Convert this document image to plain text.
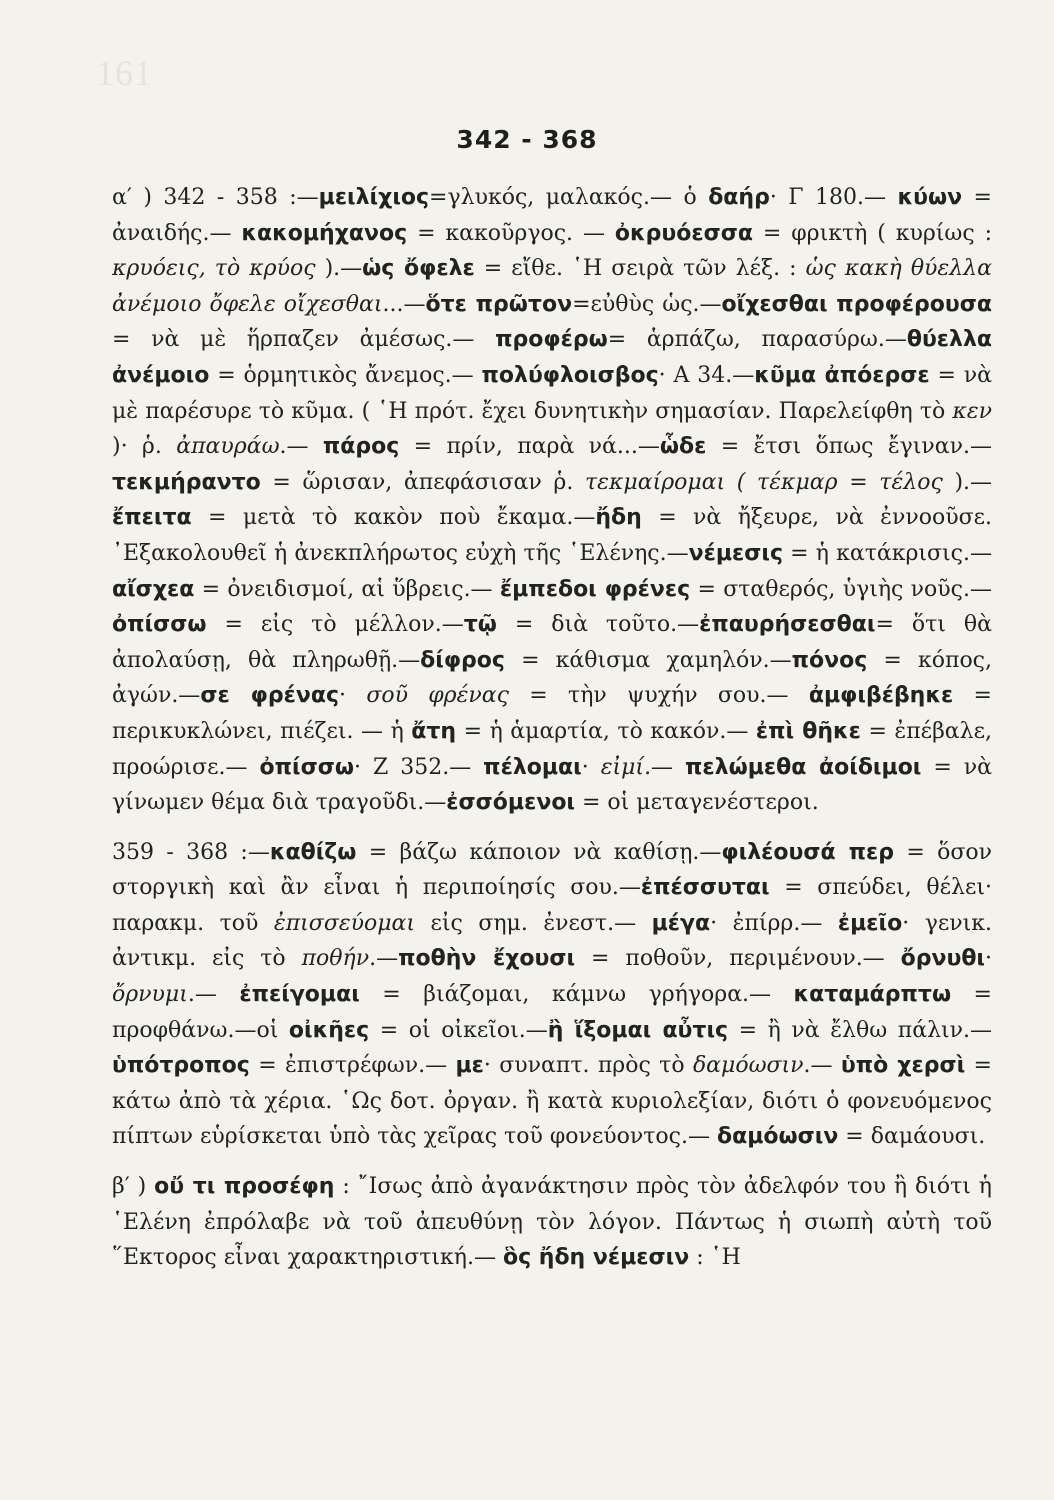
161
342 - 368

α′ ) 342 - 358 :—μειλίχιος=γλυκός, μαλακός.— ὁ δαήρ· Γ 180.— κύων = ἀναιδής.— κακομήχανος = κακοῦργος. — ὀκρυόεσσα = φρικτὴ ( κυρίως : κρυόεις, τὸ κρύος ).—ὡς ὄφελε = εἴθε. ῾Η σειρὰ τῶν λέξ. : ὡς κακὴ θύελλα ἀνέμοιο ὄφελε οἴχεσθαι...—ὅτε πρῶτον=εὐθὺς ὡς.—οἴχεσθαι προφέρουσα = νὰ μὲ ἥρπαζεν ἀμέσως.— προφέρω= ἁρπάζω, παρασύρω.—θύελλα ἀνέμοιο = ὁρμητικὸς ἄνεμος.— πολύφλοισβος· Α 34.—κῦμα ἀπόερσε = νὰ μὲ παρέσυρε τὸ κῦμα. ( ῾Η πρότ. ἔχει δυνητικὴν σημασίαν. Παρελείφθη τὸ κεν )· ῥ. ἀπαυράω.— πάρος = πρίν, παρὰ νά...—ὧδε = ἔτσι ὅπως ἔγιναν.—τεκμήραντο = ὥρισαν, ἀπεφάσισαν ῥ. τεκμαίρομαι ( τέκμαρ = τέλος ).—ἔπειτα = μετὰ τὸ κακὸν ποὺ ἔκαμα.—ἤδη = νὰ ἤξευρε, νὰ ἐννοοῦσε. ᾽Εξακολουθεῖ ἡ ἀνεκπλήρωτος εὐχὴ τῆς ῾Ελένης.—νέμεσις = ἡ κατάκρισις.— αἴσχεα = ὀνειδισμοί, αἱ ὕβρεις.— ἔμπεδοι φρένες = σταθερός, ὑγιὴς νοῦς.—ὀπίσσω = εἰς τὸ μέλλον.—τῷ = διὰ τοῦτο.—ἐπαυρήσεσθαι= ὅτι θὰ ἀπολαύσῃ, θὰ πληρωθῇ.—δίφρος = κάθισμα χαμηλόν.—πόνος = κόπος, ἀγών.—σε φρένας· σοῦ φρένας = τὴν ψυχήν σου.— ἀμφιβέβηκε = περικυκλώνει, πιέζει. — ἡ ἄτη = ἡ ἁμαρτία, τὸ κακόν.— ἐπὶ θῆκε = ἐπέβαλε, προώρισε.— ὀπίσσω· Ζ 352.— πέλομαι· εἰμί.— πελώμεθα ἀοίδιμοι = νὰ γίνωμεν θέμα διὰ τραγοῦδι.—ἐσσόμενοι = οἱ μεταγενέστεροι.

359 - 368 :—καθίζω = βάζω κάποιον νὰ καθίσῃ.—φιλέουσά περ = ὅσον στοργικὴ καὶ ἂν εἶναι ἡ περιποίησίς σου.—ἐπέσσυται = σπεύδει, θέλει· παρακμ. τοῦ ἐπισσεύομαι εἰς σημ. ἐνεστ.— μέγα· ἐπίρρ.— ἐμεῖο· γενικ. ἀντικμ. εἰς τὸ ποθήν.—ποθὴν ἔχουσι = ποθοῦν, περιμένουν.— ὄρνυθι· ὄρνυμι.— ἐπείγομαι = βιάζομαι, κάμνω γρήγορα.— καταμάρπτω = προφθάνω.—οἱ οἰκῆες = οἱ οἰκεῖοι.—ἢ ἵξομαι αὖτις = ἢ νὰ ἔλθω πάλιν.— ὑπότροπος = ἐπιστρέφων.— με· συναπτ. πρὸς τὸ δαμόωσιν.— ὑπὸ χερσὶ = κάτω ἀπὸ τὰ χέρια. ῾Ως δοτ. ὀργαν. ἢ κατὰ κυριολεξίαν, διότι ὁ φονευόμενος πίπτων εὑρίσκεται ὑπὸ τὰς χεῖρας τοῦ φονεύοντος.— δαμόωσιν = δαμάουσι.

β′ ) οὔ τι προσέφη : ῎Ισως ἀπὸ ἀγανάκτησιν πρὸς τὸν ἀδελφόν του ἢ διότι ἡ ῾Ελένη ἐπρόλαβε νὰ τοῦ ἀπευθύνῃ τὸν λόγον. Πάντως ἡ σιωπὴ αὐτὴ τοῦ ῞Εκτορος εἶναι χαρακτηριστική.— ὃς ἤδη νέμεσιν : ῾Η
